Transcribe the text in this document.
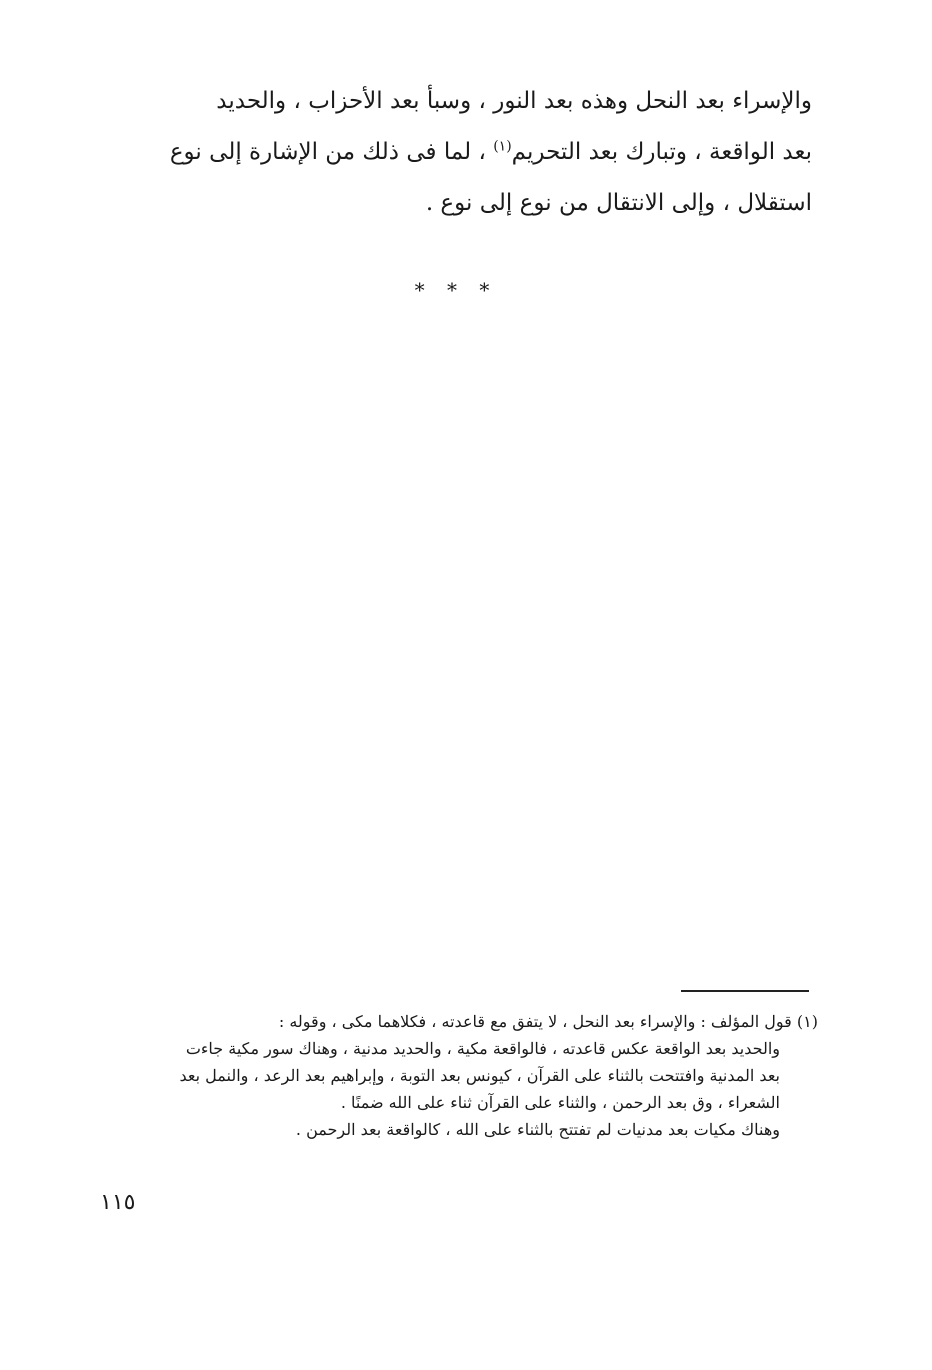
والإسراء بعد النحل وهذه بعد النور ، وسبأ بعد الأحزاب ، والحديد
بعد الواقعة ، وتبارك بعد التحريم$^{(١)}$ ، لما فى ذلك من الإشارة إلى نوع
استقلال ، وإلى الانتقال من نوع إلى نوع .
* * *
(١) قول المؤلف : والإسراء بعد النحل ، لا يتفق مع قاعدته ، فكلاهما مكى ، وقوله :
والحديد بعد الواقعة عكس قاعدته ، فالواقعة مكية ، والحديد مدنية ، وهناك سور مكية جاءت
بعد المدنية وافتتحت بالثناء على القرآن ، كيونس بعد التوبة ، وإبراهيم بعد الرعد ، والنمل بعد
الشعراء ، وق بعد الرحمن ، والثناء على القرآن ثناء على الله ضمنًا .
وهناك مكيات بعد مدنيات لم تفتتح بالثناء على الله ، كالواقعة بعد الرحمن .
١١٥
